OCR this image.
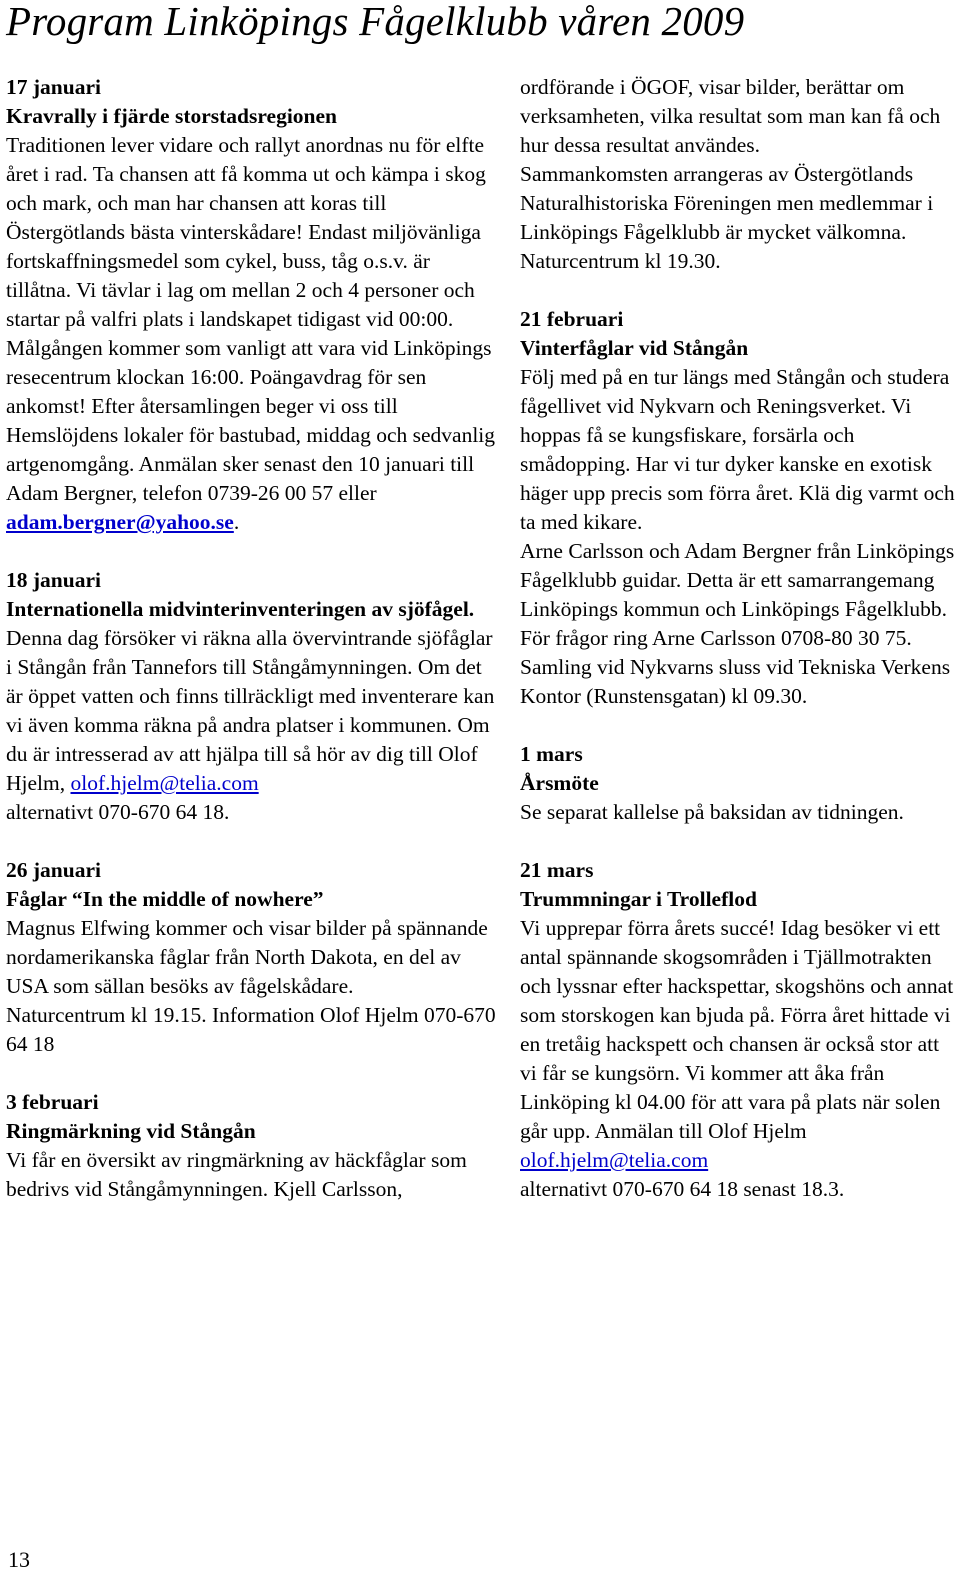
Program Linköpings Fågelklubb våren 2009
17 januari
Kravrally i fjärde storstadsregionen

Traditionen lever vidare och rallyt anordnas nu för elfte året i rad. Ta chansen att få komma ut och kämpa i skog och mark, och man har chansen att koras till Östergötlands bästa vinterskådare! Endast miljövänliga fortskaffningsmedel som cykel, buss, tåg o.s.v. är tillåtna. Vi tävlar i lag om mellan 2 och 4 personer och startar på valfri plats i landskapet tidigast vid 00:00. Målgången kommer som vanligt att vara vid Linköpings resecentrum klockan 16:00. Poängavdrag för sen ankomst! Efter återsamlingen beger vi oss till Hemslöjdens lokaler för bastubad, middag och sedvanlig artgenomgång. Anmälan sker senast den 10 januari till Adam Bergner, telefon 0739-26 00 57 eller adam.bergner@yahoo.se.

18 januari
Internationella midvinterinventeringen av sjöfågel.

Denna dag försöker vi räkna alla övervintrande sjöfåglar i Stångån från Tannefors till Stångåmynningen. Om det är öppet vatten och finns tillräckligt med inventerare kan vi även komma räkna på andra platser i kommunen. Om du är intresserad av att hjälpa till så hör av dig till Olof Hjelm, olof.hjelm@telia.com

alternativt 070-670 64 18.

26 januari
Fåglar “In the middle of nowhere”

Magnus Elfwing kommer och visar bilder på spännande nordamerikanska fåglar från North Dakota, en del av USA som sällan besöks av fågelskådare.

Naturcentrum kl 19.15. Information Olof Hjelm 070-670 64 18

3 februari
Ringmärkning vid Stångån

Vi får en översikt av ringmärkning av häckfåglar som bedrivs vid Stångåmynningen. Kjell Carlsson,

ordförande i ÖGOF, visar bilder, berättar om verksamheten, vilka resultat som man kan få och hur dessa resultat användes.

Sammankomsten arrangeras av Östergötlands Naturalhistoriska Föreningen men medlemmar i Linköpings Fågelklubb är mycket välkomna.

Naturcentrum kl 19.30.

21 februari
Vinterfåglar vid Stångån

Följ med på en tur längs med Stångån och studera fågellivet vid Nykvarn och Reningsverket. Vi hoppas få se kungsfiskare, forsärla och smådopping. Har vi tur dyker kanske en exotisk häger upp precis som förra året. Klä dig varmt och ta med kikare.

Arne Carlsson och Adam Bergner från Linköpings Fågelklubb guidar. Detta är ett samarrangemang Linköpings kommun och Linköpings Fågelklubb. För frågor ring Arne Carlsson 0708-80 30 75.

Samling vid Nykvarns sluss vid Tekniska Verkens Kontor (Runstensgatan) kl 09.30.

1 mars
Årsmöte

Se separat kallelse på baksidan av tidningen.

21 mars
Trummningar i Trolleflod

Vi upprepar förra årets succé! Idag besöker vi ett antal spännande skogsområden i Tjällmotrakten och lyssnar efter hackspettar, skogshöns och annat som storskogen kan bjuda på. Förra året hittade vi en tretåig hackspett och chansen är också stor att vi får se kungsörn. Vi kommer att åka från Linköping kl 04.00 för att vara på plats när solen går upp. Anmälan till Olof Hjelm

olof.hjelm@telia.com

alternativt 070-670 64 18 senast 18.3.

13
